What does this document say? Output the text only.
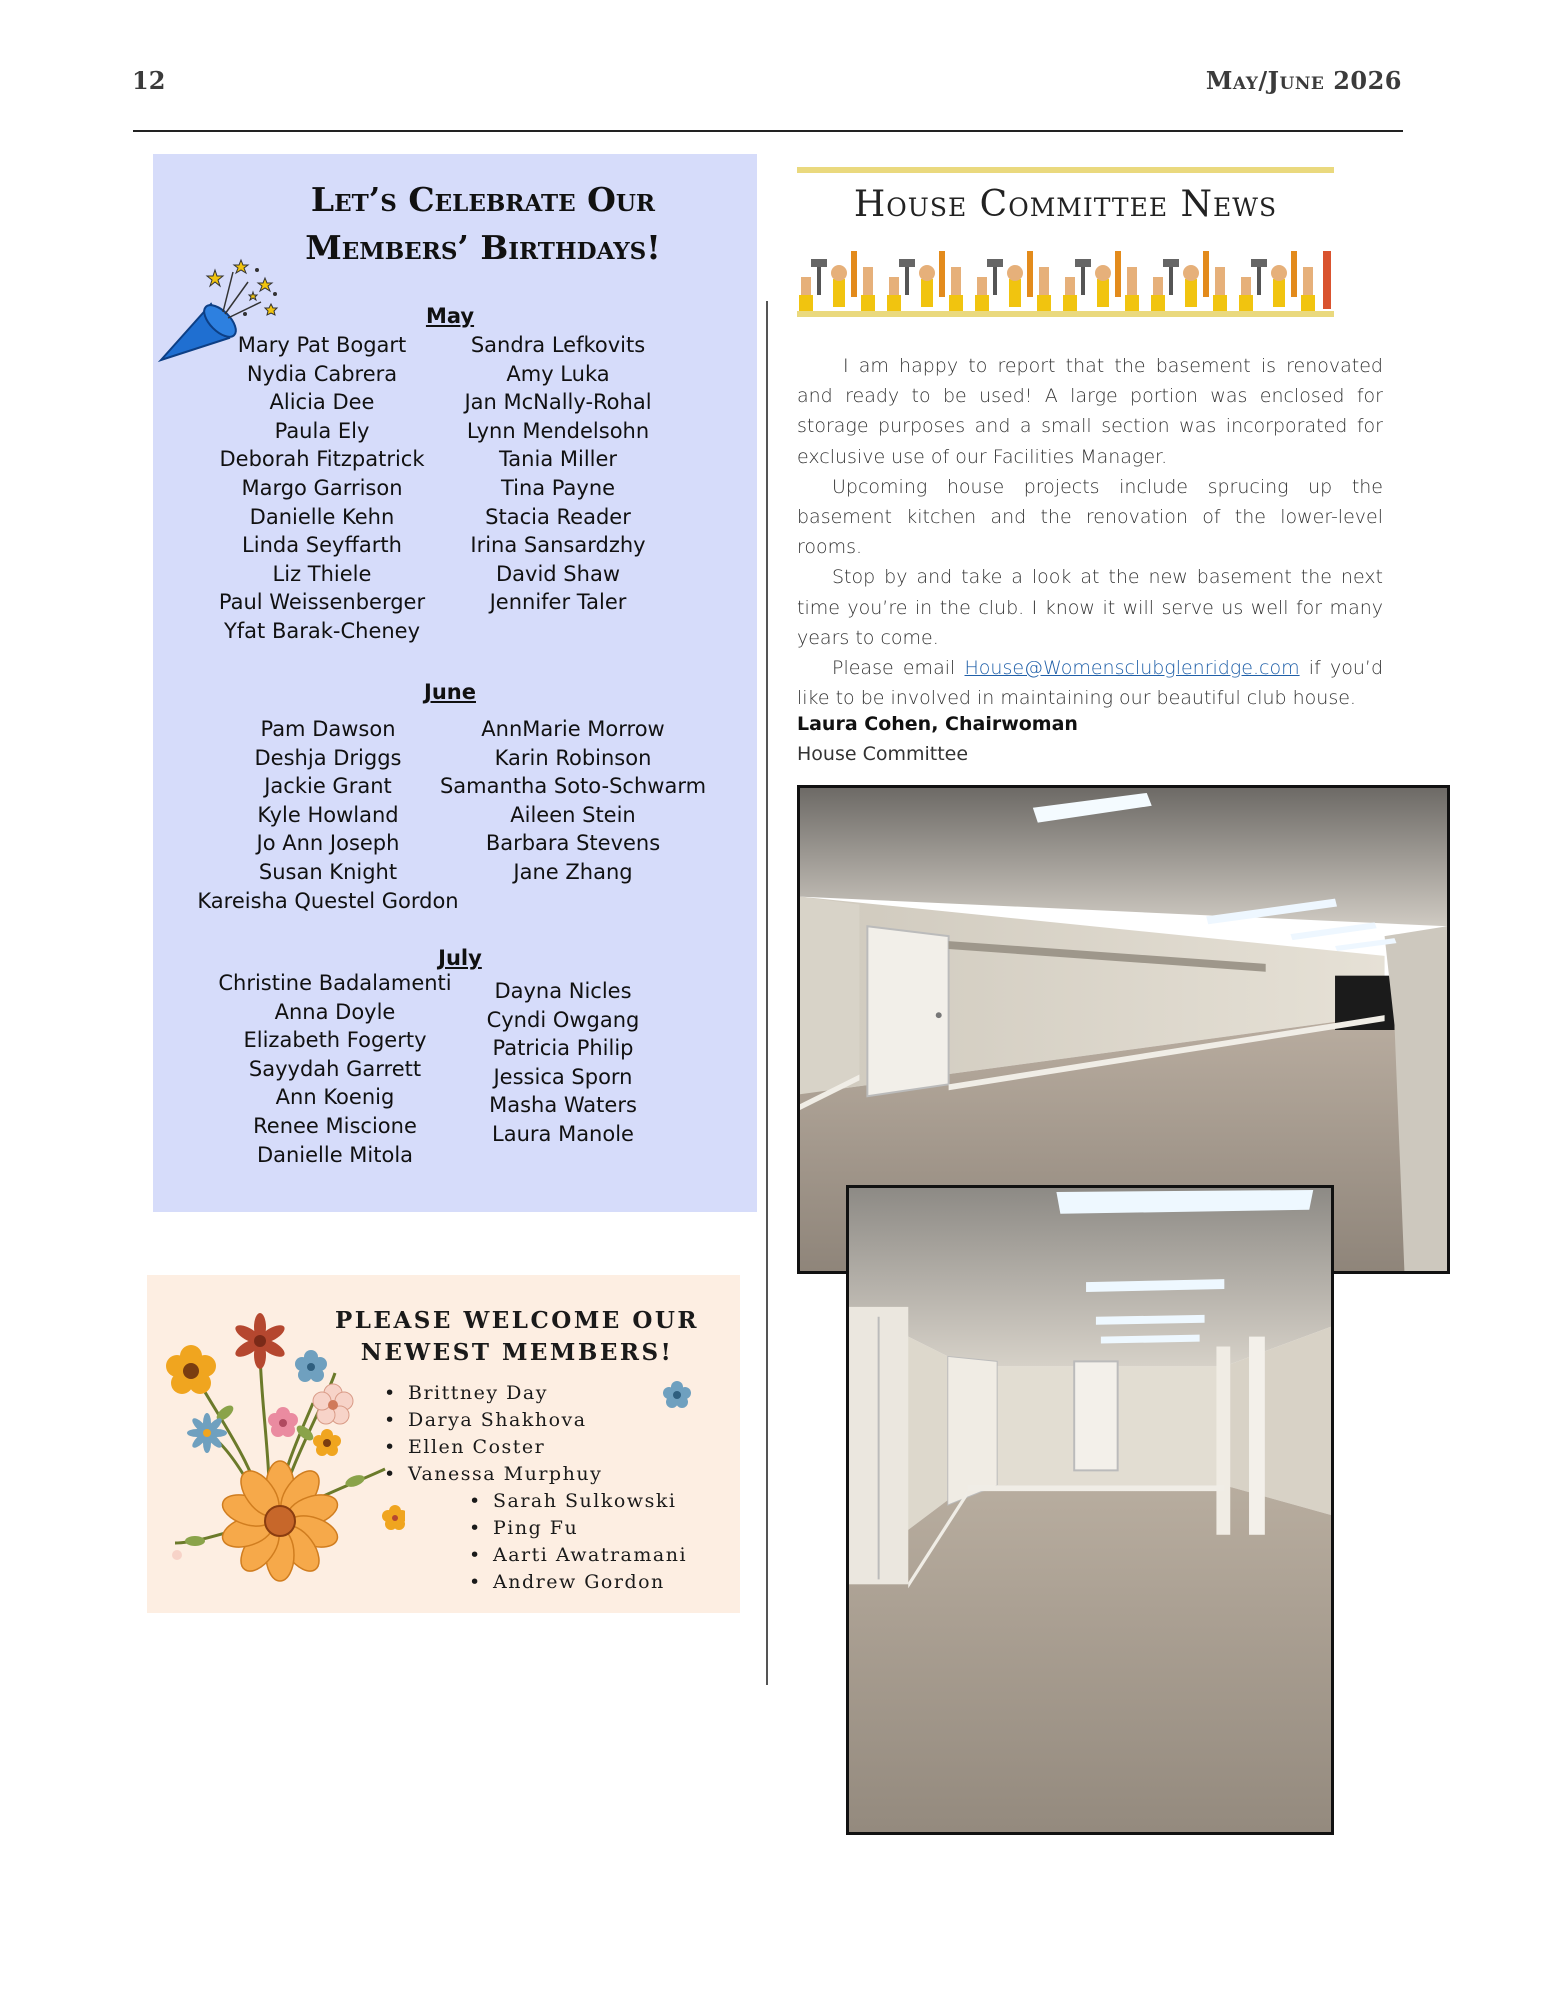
12	May/June 2026
Let’s Celebrate Our
Members’ Birthdays!
May
Mary Pat Bogart
Nydia Cabrera
Alicia Dee
Paula Ely
Deborah Fitzpatrick
Margo Garrison
Danielle Kehn
Linda Seyffarth
Liz Thiele
Paul Weissenberger
Yfat Barak-Cheney
Sandra Lefkovits
Amy Luka
Jan McNally-Rohal
Lynn Mendelsohn
Tania Miller
Tina Payne
Stacia Reader
Irina Sansardzhy
David Shaw
Jennifer Taler
June
Pam Dawson
Deshja Driggs
Jackie Grant
Kyle Howland
Jo Ann Joseph
Susan Knight
Kareisha Questel Gordon
AnnMarie Morrow
Karin Robinson
Samantha Soto-Schwarm
Aileen Stein
Barbara Stevens
Jane Zhang
July
Christine Badalamenti
Anna Doyle
Elizabeth Fogerty
Sayydah Garrett
Ann Koenig
Renee Miscione
Danielle Mitola
Dayna Nicles
Cyndi Owgang
Patricia Philip
Jessica Sporn
Masha Waters
Laura Manole
PLEASE WELCOME OUR
NEWEST MEMBERS!
• Brittney Day
• Darya Shakhova
• Ellen Coster
• Vanessa Murphuy
• Sarah Sulkowski
• Ping Fu
• Aarti Awatramani
• Andrew Gordon
House Committee News

I am happy to report that the basement is renovated and ready to be used! A large portion was enclosed for storage purposes and a small section was incorporated for exclusive use of our Facilities Manager.

Upcoming house projects include sprucing up the basement kitchen and the renovation of the lower-level rooms.

Stop by and take a look at the new basement the next time you’re in the club. I know it will serve us well for many years to come.

Please email House@Womensclubglenridge.com if you’d like to be involved in maintaining our beautiful club house.

Laura Cohen, Chairwoman
House Committee
